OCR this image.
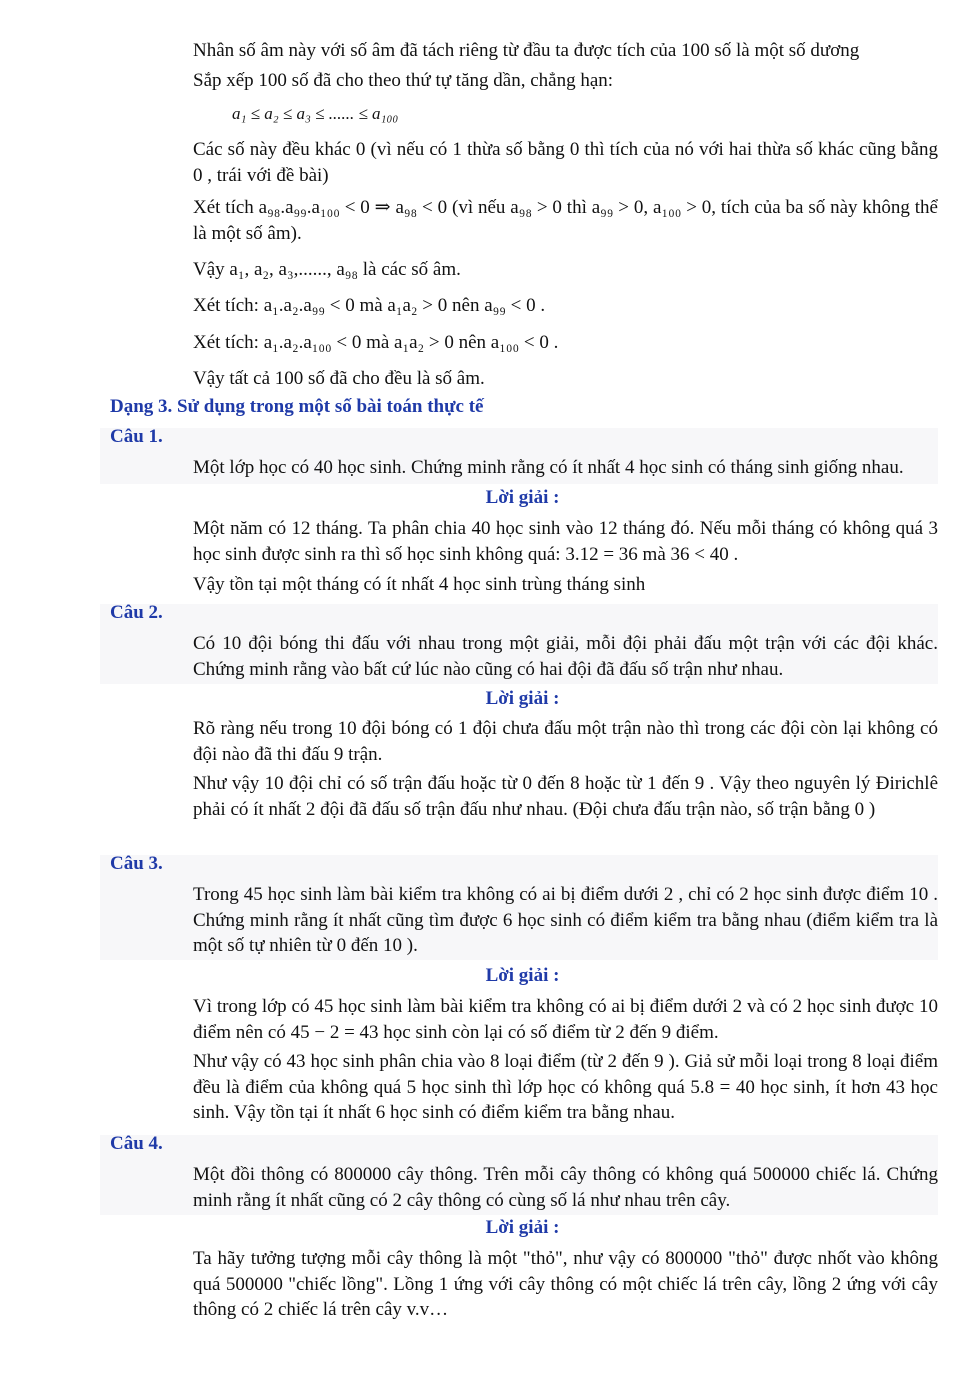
Nhân số âm này với số âm đã tách riêng từ đầu ta được tích của 100 số là một số dương

Sắp xếp 100 số đã cho theo thứ tự tăng dần, chẳng hạn:

a₁ ≤ a₂ ≤ a₃ ≤ ...... ≤ a₁₀₀

Các số này đều khác 0 (vì nếu có 1 thừa số bằng 0 thì tích của nó với hai thừa số khác cũng bằng 0 , trái với đề bài)

Xét tích a₉₈.a₉₉.a₁₀₀ < 0 ⇒ a₉₈ < 0 (vì nếu a₉₈ > 0 thì a₉₉ > 0, a₁₀₀ > 0, tích của ba số này không thể là một số âm).

Vậy a₁, a₂, a₃,......, a₉₈ là các số âm.

Xét tích: a₁.a₂.a₉₉ < 0 mà a₁a₂ > 0 nên a₉₉ < 0 .

Xét tích: a₁.a₂.a₁₀₀ < 0 mà a₁a₂ > 0 nên a₁₀₀ < 0 .

Vậy tất cả 100 số đã cho đều là số âm.

Dạng 3. Sử dụng trong một số bài toán thực tế

Câu 1.

Một lớp học có 40 học sinh. Chứng minh rằng có ít nhất 4 học sinh có tháng sinh giống nhau.

Lời giải :

Một năm có 12 tháng. Ta phân chia 40 học sinh vào 12 tháng đó. Nếu mỗi tháng có không quá 3 học sinh được sinh ra thì số học sinh không quá: 3.12 = 36 mà 36 < 40 .

Vậy tồn tại một tháng có ít nhất 4 học sinh trùng tháng sinh

Câu 2.

Có 10 đội bóng thi đấu với nhau trong một giải, mỗi đội phải đấu một trận với các đội khác. Chứng minh rằng vào bất cứ lúc nào cũng có hai đội đã đấu số trận như nhau.

Lời giải :

Rõ ràng nếu trong 10 đội bóng có 1 đội chưa đấu một trận nào thì trong các đội còn lại không có đội nào đã thi đấu 9 trận.

Như vậy 10 đội chỉ có số trận đấu hoặc từ 0 đến 8 hoặc từ 1 đến 9 . Vậy theo nguyên lý Đirichlê phải có ít nhất 2 đội đã đấu số trận đấu như nhau. (Đội chưa đấu trận nào, số trận bằng 0 )

Câu 3.

Trong 45 học sinh làm bài kiểm tra không có ai bị điểm dưới 2 , chỉ có 2 học sinh được điểm 10 . Chứng minh rằng ít nhất cũng tìm được 6 học sinh có điểm kiểm tra bằng nhau (điểm kiểm tra là một số tự nhiên từ 0 đến 10 ).

Lời giải :

Vì trong lớp có 45 học sinh làm bài kiểm tra không có ai bị điểm dưới 2 và có 2 học sinh được 10 điểm nên có 45 − 2 = 43 học sinh còn lại có số điểm từ 2 đến 9 điểm.

Như vậy có 43 học sinh phân chia vào 8 loại điểm (từ 2 đến 9 ). Giả sử mỗi loại trong 8 loại điểm đều là điểm của không quá 5 học sinh thì lớp học có không quá 5.8 = 40 học sinh, ít hơn 43 học sinh. Vậy tồn tại ít nhất 6 học sinh có điểm kiểm tra bằng nhau.

Câu 4.

Một đồi thông có 800000 cây thông. Trên mỗi cây thông có không quá 500000 chiếc lá. Chứng minh rằng ít nhất cũng có 2 cây thông có cùng số lá như nhau trên cây.

Lời giải :

Ta hãy tưởng tượng mỗi cây thông là một "thỏ", như vậy có 800000 "thỏ" được nhốt vào không quá 500000 "chiếc lồng". Lồng 1 ứng với cây thông có một chiếc lá trên cây, lồng 2 ứng với cây thông có 2 chiếc lá trên cây v.v…
